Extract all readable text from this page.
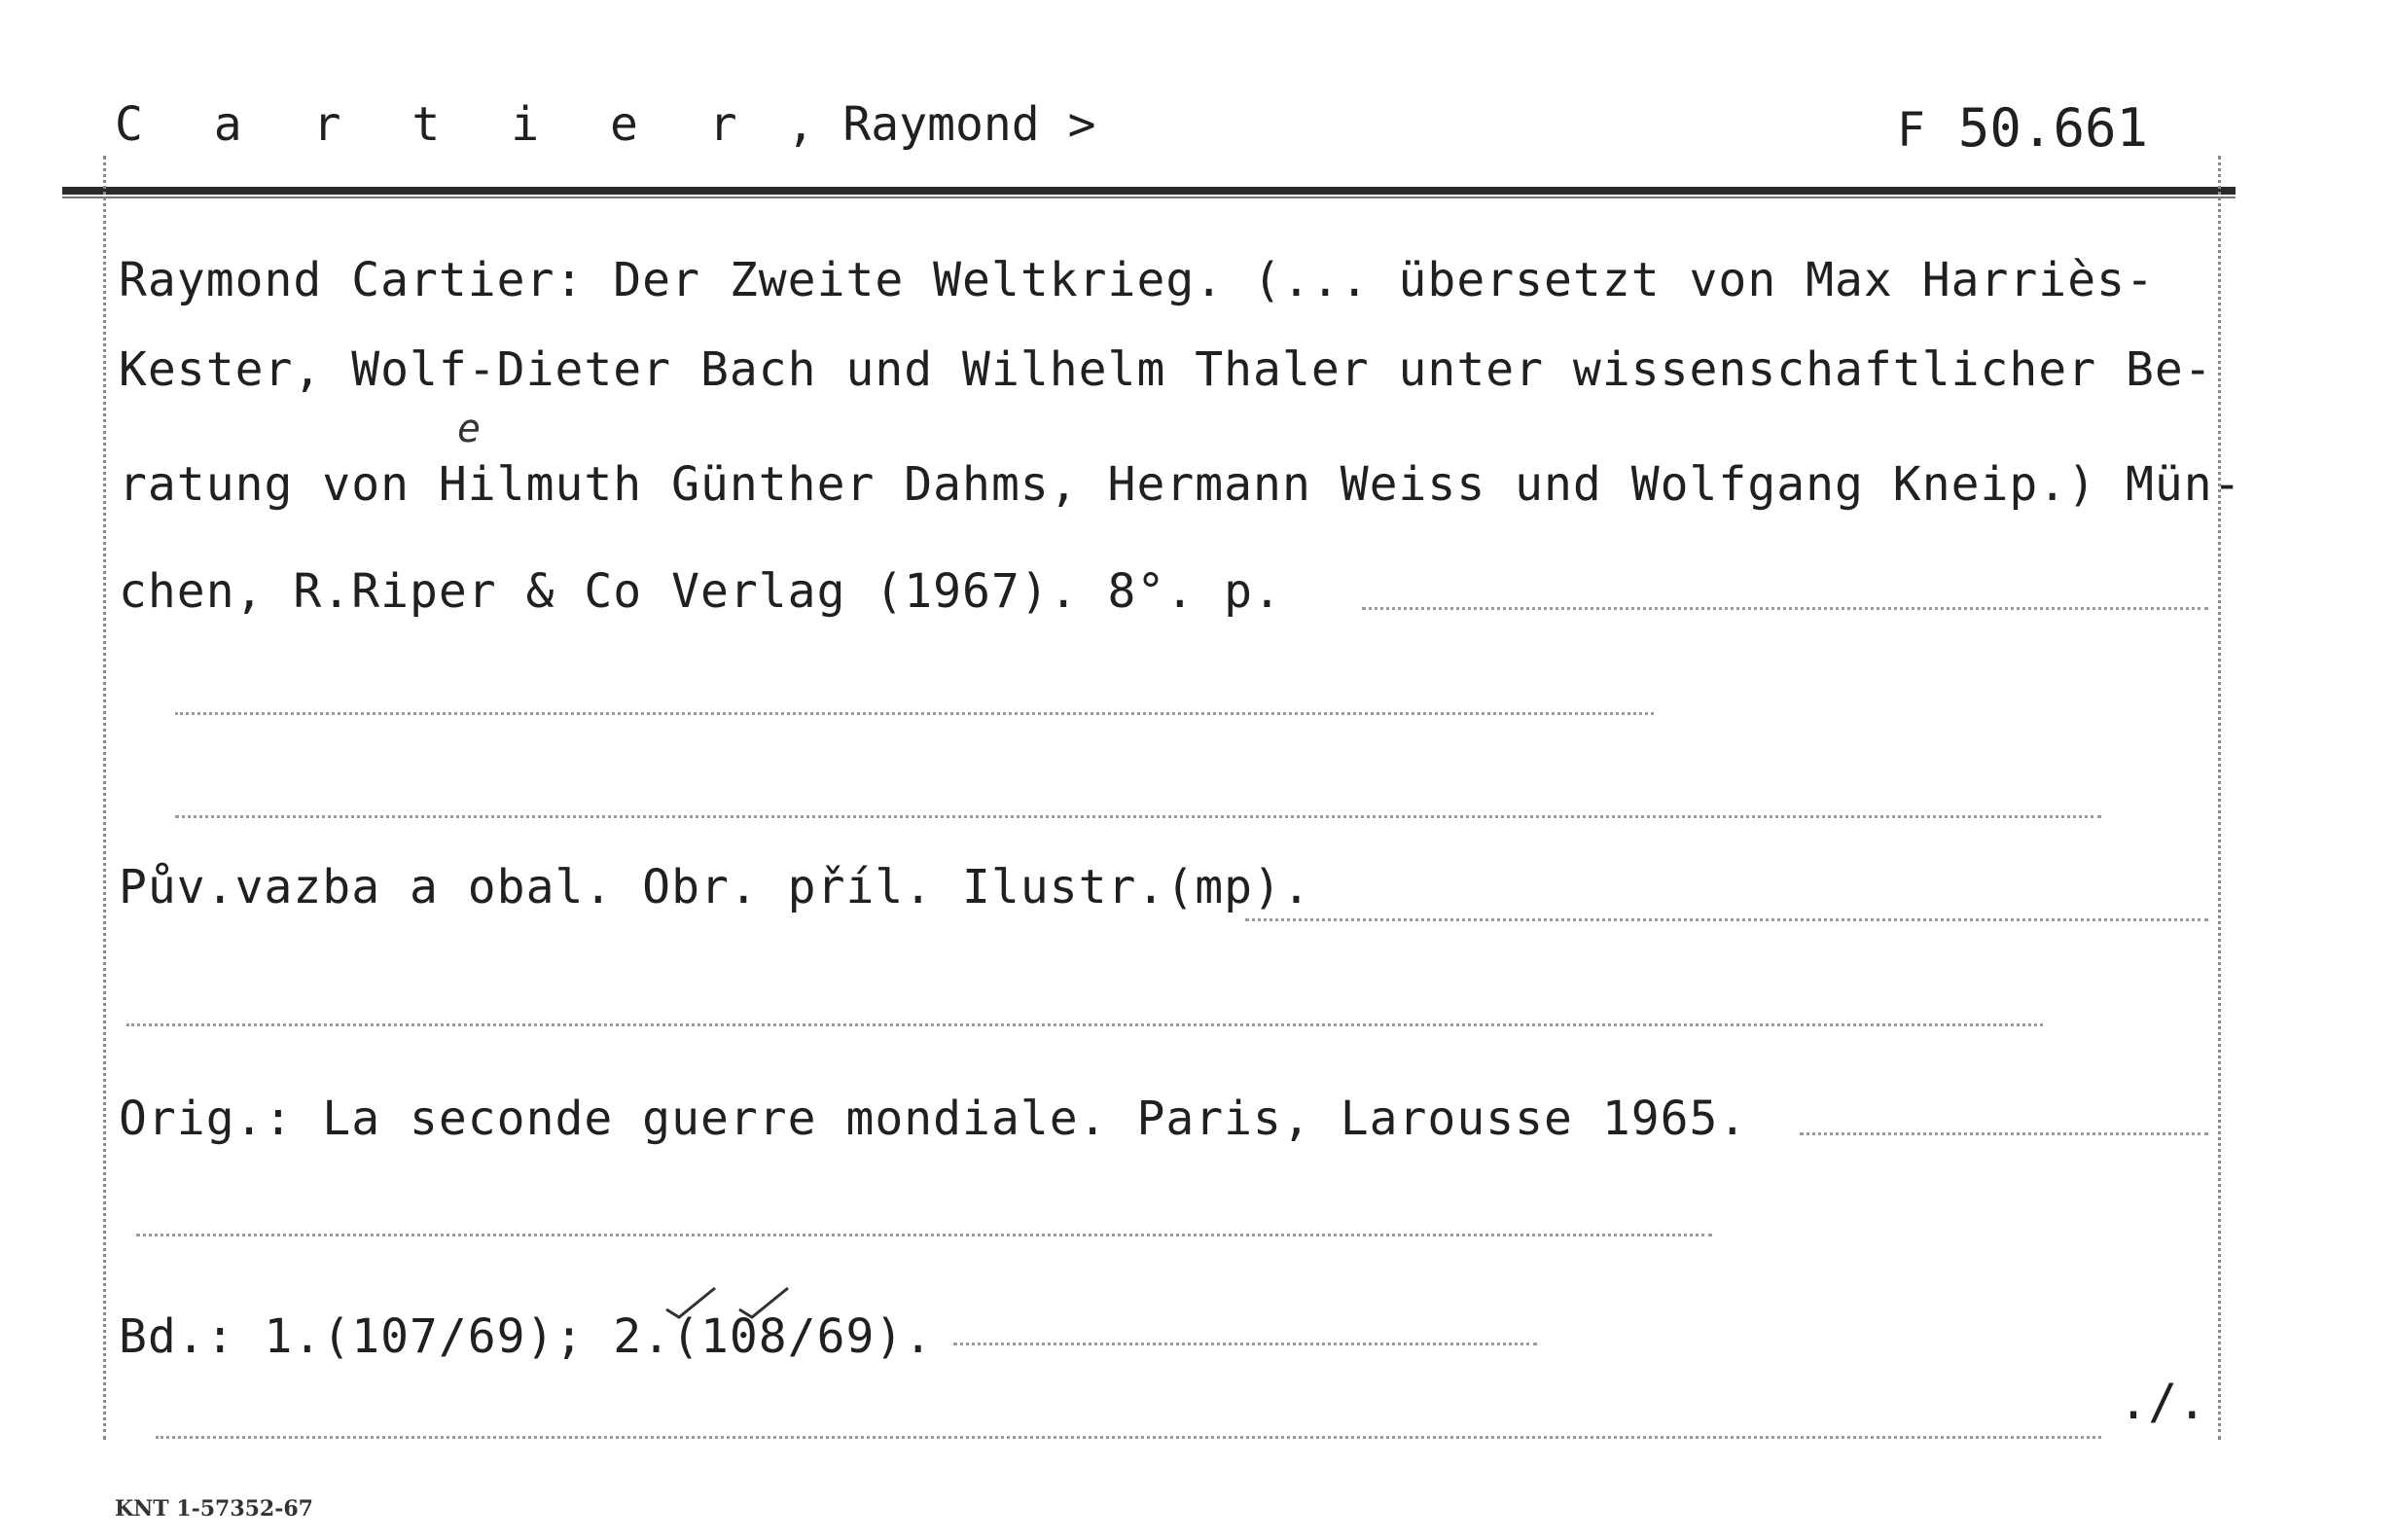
C a r t i e r , Raymond >	F 50.661
Raymond Cartier: Der Zweite Weltkrieg. (... übersetzt von Max Harriès-
Kester, Wolf-Dieter Bach und Wilhelm Thaler unter wissenschaftlicher Be-
e
ratung von Hilmuth Günther Dahms, Hermann Weiss und Wolfgang Kneip.) Mün-
chen, R.Riper & Co Verlag (1967). 8°. p.
Pův.vazba a obal. Obr. příl. Ilustr.(mp).
Orig.: La seconde guerre mondiale. Paris, Larousse 1965.
Bd.: 1.(107/69); 2.(108/69).
./.
KNT 1-57352-67
